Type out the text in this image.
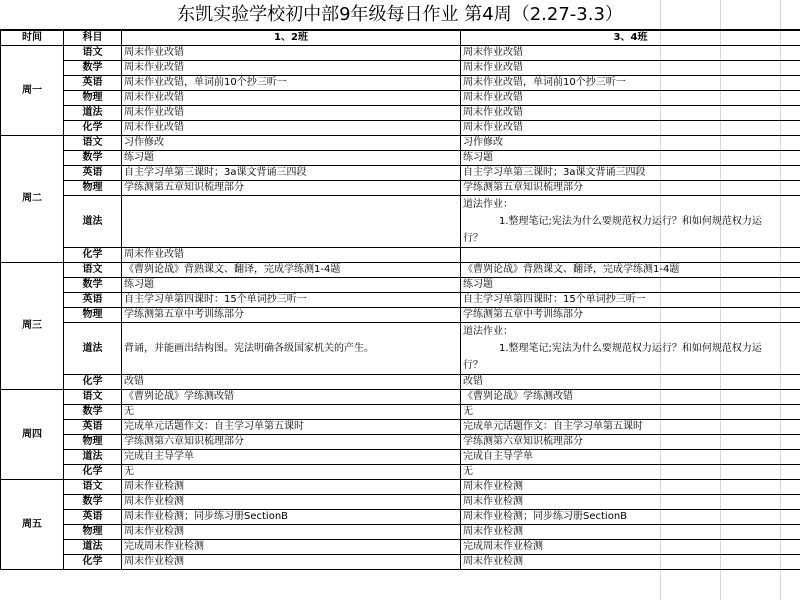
东凯实验学校初中部9年级每日作业 第4周（2.27-3.3）
时间	科目	1、2班	3、4班
周一	语文	周末作业改错	周末作业改错
	数学	周末作业改错	周末作业改错
	英语	周末作业改错，单词前10个抄三听一	周末作业改错，单词前10个抄三听一
	物理	周末作业改错	周末作业改错
	道法	周末作业改错	周末作业改错
	化学	周末作业改错	周末作业改错
周二	语文	习作修改	习作修改
	数学	练习题	练习题
	英语	自主学习单第三课时；3a课文背诵三四段	自主学习单第三课时；3a课文背诵三四段
	物理	学练测第五章知识梳理部分	学练测第五章知识梳理部分
	道法		道法作业：
1.整理笔记;宪法为什么要规范权力运行？和如何规范权力运
行？

	化学	周末作业改错	
周三	语文	《曹刿论战》背熟课文、翻译，完成学练测1-4题	《曹刿论战》背熟课文、翻译，完成学练测1-4题
	数学	练习题	练习题
	英语	自主学习单第四课时：15个单词抄三听一	自主学习单第四课时：15个单词抄三听一
	物理	学练测第五章中考训练部分	学练测第五章中考训练部分
	道法	背诵，并能画出结构图。宪法明确各级国家机关的产生。	道法作业：
1.整理笔记;宪法为什么要规范权力运行？和如何规范权力运
行？

	化学	改错	改错
周四	语文	《曹刿论战》学练测改错	《曹刿论战》学练测改错
	数学	无	无
	英语	完成单元话题作文：自主学习单第五课时	完成单元话题作文：自主学习单第五课时
	物理	学练测第六章知识梳理部分	学练测第六章知识梳理部分
	道法	完成自主导学单	完成自主导学单
	化学	无	无
周五	语文	周末作业检测	周末作业检测
	数学	周末作业检测	周末作业检测
	英语	周末作业检测；同步练习册SectionB	周末作业检测；同步练习册SectionB
	物理	周末作业检测	周末作业检测
	道法	完成周末作业检测	完成周末作业检测
	化学	周末作业检测	周末作业检测
